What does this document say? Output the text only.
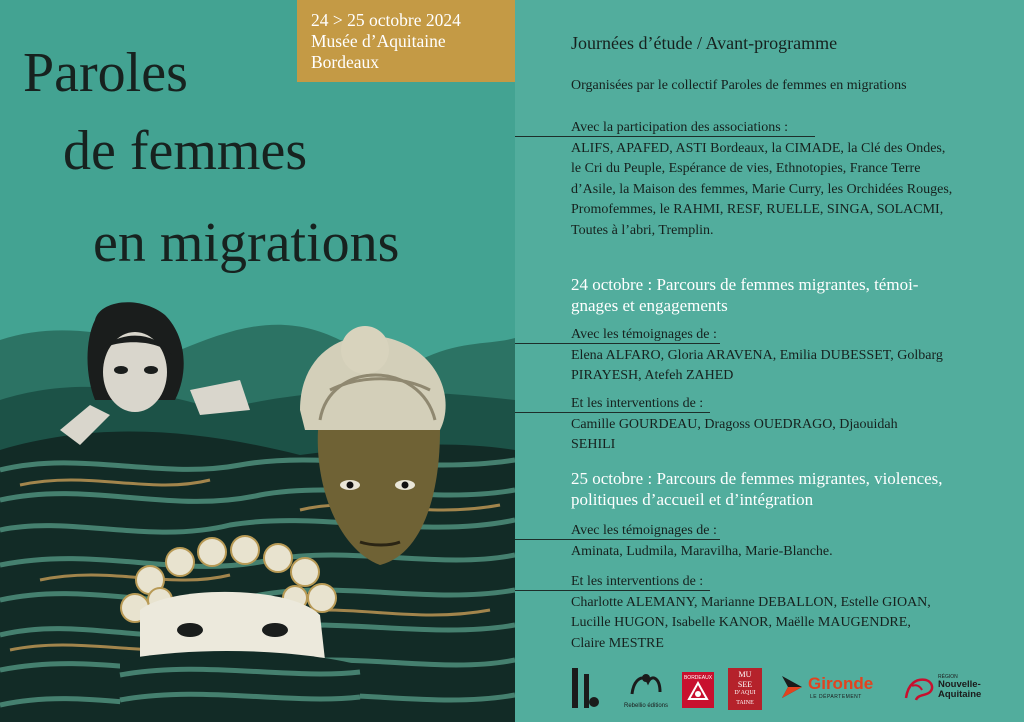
24 > 25 octobre 2024
Musée d’Aquitaine
Bordeaux
Paroles
de femmes
en migrations
Journées d’étude / Avant-programme
Organisées par le collectif Paroles de femmes en migrations
Avec la participation des associations :
ALIFS, APAFED, ASTI Bordeaux, la CIMADE, la Clé des Ondes,
le Cri du Peuple, Espérance de vies, Ethnotopies, France Terre
d’Asile, la Maison des femmes, Marie Curry, les Orchidées Rouges,
Promofemmes, le RAHMI, RESF, RUELLE, SINGA, SOLACMI,
Toutes à l’abri, Tremplin.
24 octobre : Parcours de femmes migrantes, témoi-
gnages et engagements
Avec les témoignages de :
Elena ALFARO, Gloria ARAVENA, Emilia DUBESSET, Golbarg
PIRAYESH, Atefeh ZAHED
Et les interventions de :
Camille GOURDEAU, Dragoss OUEDRAGO, Djaouidah
SEHILI
25 octobre : Parcours de femmes migrantes, violences,
politiques d’accueil et d’intégration
Avec les témoignages de :
Aminata, Ludmila, Maravilha, Marie-Blanche.
Et les interventions de :
Charlotte ALEMANY, Marianne DEBALLON, Estelle GIOAN,
Lucille HUGON, Isabelle KANOR, Maëlle MAUGENDRE,
Claire MESTRE
Rebellio éditions
BORDEAUX	MU
SEE
D’AQUI
TAINE
Gironde
LE DÉPARTEMENT
RÉGION
Nouvelle-
Aquitaine
